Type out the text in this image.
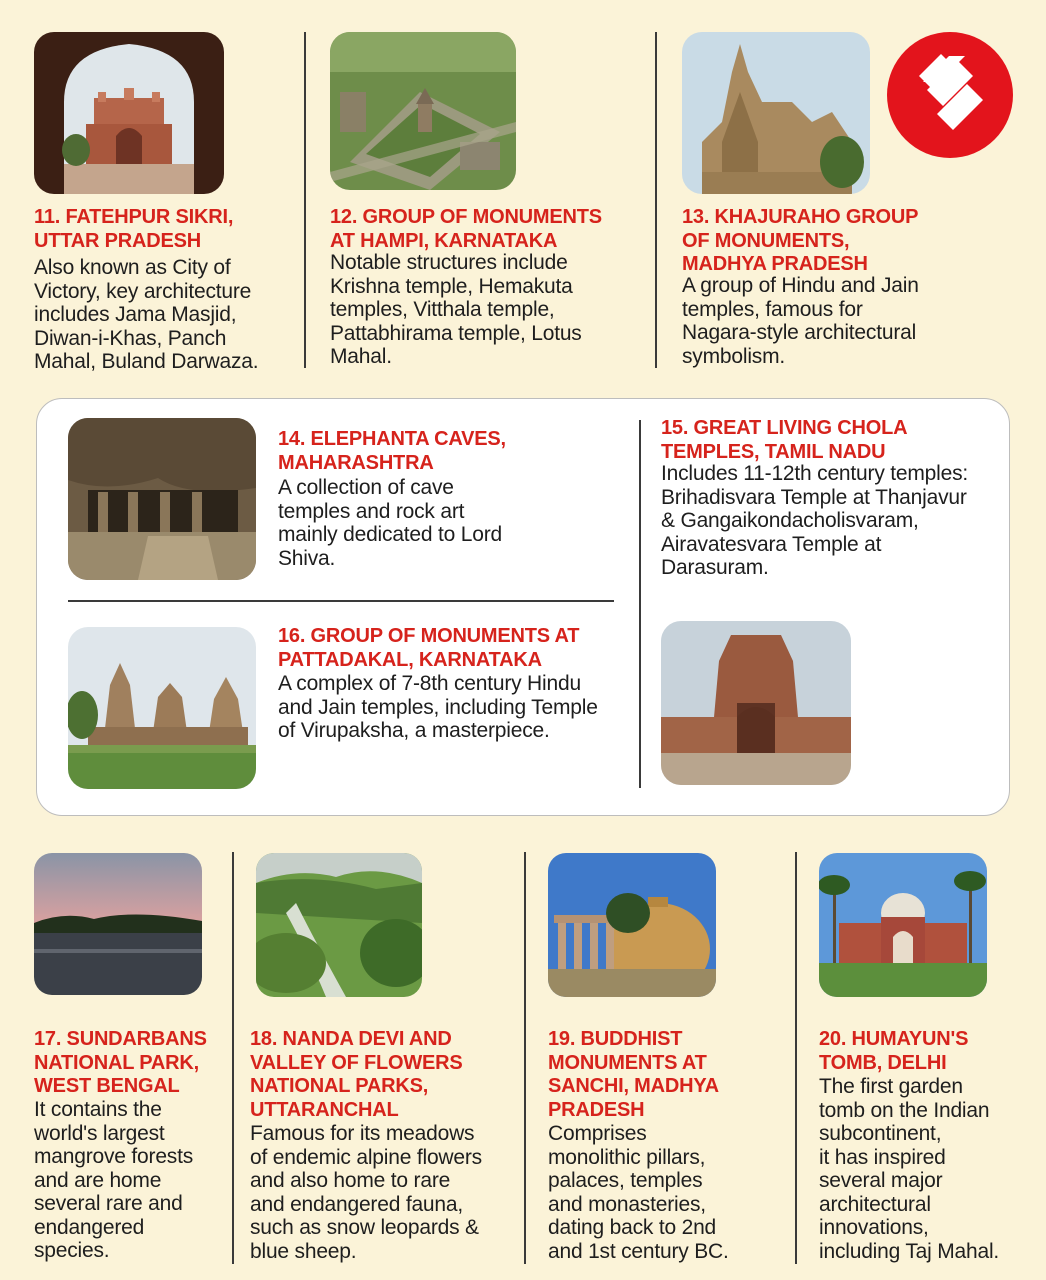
11. FATEHPUR SIKRI,
UTTAR PRADESH
Also known as City of
Victory, key architecture
includes Jama Masjid,
Diwan-i-Khas, Panch
Mahal, Buland Darwaza.
12. GROUP OF MONUMENTS
AT HAMPI, KARNATAKA
Notable structures include
Krishna temple, Hemakuta
temples, Vitthala temple,
Pattabhirama temple, Lotus
Mahal.
13. KHAJURAHO GROUP
OF MONUMENTS,
MADHYA PRADESH
A group of Hindu and Jain
temples, famous for
Nagara-style architectural
symbolism.
14. ELEPHANTA CAVES,
MAHARASHTRA
A collection of cave
temples and rock art
mainly dedicated to Lord
Shiva.
15. GREAT LIVING CHOLA
TEMPLES, TAMIL NADU
Includes 11-12th century temples:
Brihadisvara Temple at Thanjavur
& Gangaikondacholisvaram,
Airavatesvara Temple at
Darasuram.
16. GROUP OF MONUMENTS AT
PATTADAKAL, KARNATAKA
A complex of 7-8th century Hindu
and Jain temples, including Temple
of Virupaksha, a masterpiece.
17. SUNDARBANS
NATIONAL PARK,
WEST BENGAL
It contains the
world's largest
mangrove forests
and are home
several rare and
endangered
species.
18. NANDA DEVI AND
VALLEY OF FLOWERS
NATIONAL PARKS,
UTTARANCHAL
Famous for its meadows
of endemic alpine flowers
and also home to rare
and endangered fauna,
such as snow leopards &
blue sheep.
19. BUDDHIST
MONUMENTS AT
SANCHI, MADHYA
PRADESH
Comprises
monolithic pillars,
palaces, temples
and monasteries,
dating back to 2nd
and 1st century BC.
20. HUMAYUN'S
TOMB, DELHI
The first garden
tomb on the Indian
subcontinent,
it has inspired
several major
architectural
innovations,
including Taj Mahal.
